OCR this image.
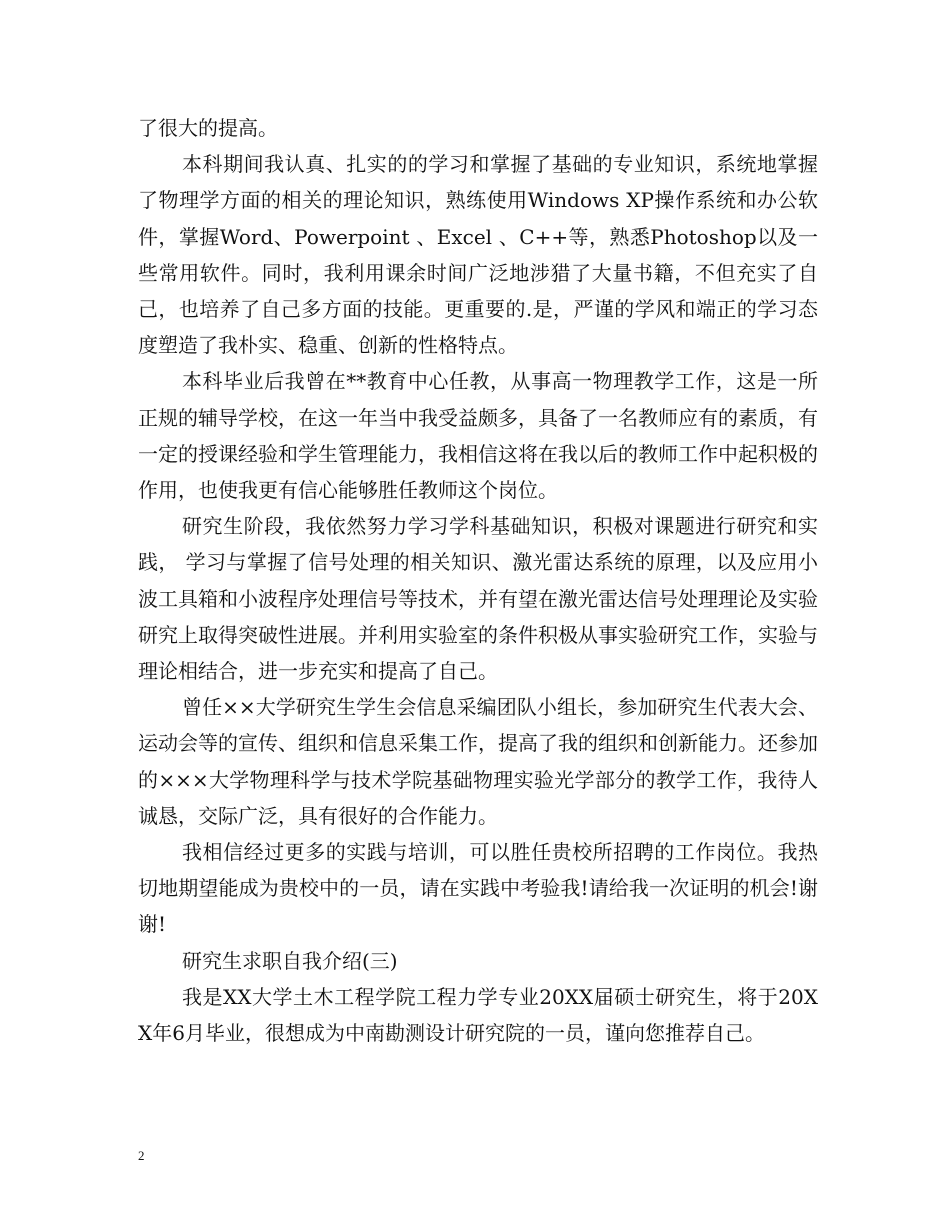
了很大的提高。

本科期间我认真、扎实的的学习和掌握了基础的专业知识，系统地掌握了物理学方面的相关的理论知识，熟练使用Windows XP操作系统和办公软件，掌握Word、Powerpoint 、Excel 、C++等，熟悉Photoshop以及一些常用软件。同时，我利用课余时间广泛地涉猎了大量书籍，不但充实了自己，也培养了自己多方面的技能。更重要的.是，严谨的学风和端正的学习态度塑造了我朴实、稳重、创新的性格特点。

本科毕业后我曾在**教育中心任教，从事高一物理教学工作，这是一所正规的辅导学校，在这一年当中我受益颇多，具备了一名教师应有的素质，有一定的授课经验和学生管理能力，我相信这将在我以后的教师工作中起积极的作用，也使我更有信心能够胜任教师这个岗位。

研究生阶段，我依然努力学习学科基础知识，积极对课题进行研究和实践， 学习与掌握了信号处理的相关知识、激光雷达系统的原理，以及应用小波工具箱和小波程序处理信号等技术，并有望在激光雷达信号处理理论及实验研究上取得突破性进展。并利用实验室的条件积极从事实验研究工作，实验与理论相结合，进一步充实和提高了自己。

曾任××大学研究生学生会信息采编团队小组长，参加研究生代表大会、运动会等的宣传、组织和信息采集工作，提高了我的组织和创新能力。还参加的×××大学物理科学与技术学院基础物理实验光学部分的教学工作，我待人诚恳，交际广泛，具有很好的合作能力。

我相信经过更多的实践与培训，可以胜任贵校所招聘的工作岗位。我热切地期望能成为贵校中的一员，请在实践中考验我!请给我一次证明的机会!谢谢!

研究生求职自我介绍(三)

我是XX大学土木工程学院工程力学专业20XX届硕士研究生，将于20XX年6月毕业，很想成为中南勘测设计研究院的一员，谨向您推荐自己。

2
